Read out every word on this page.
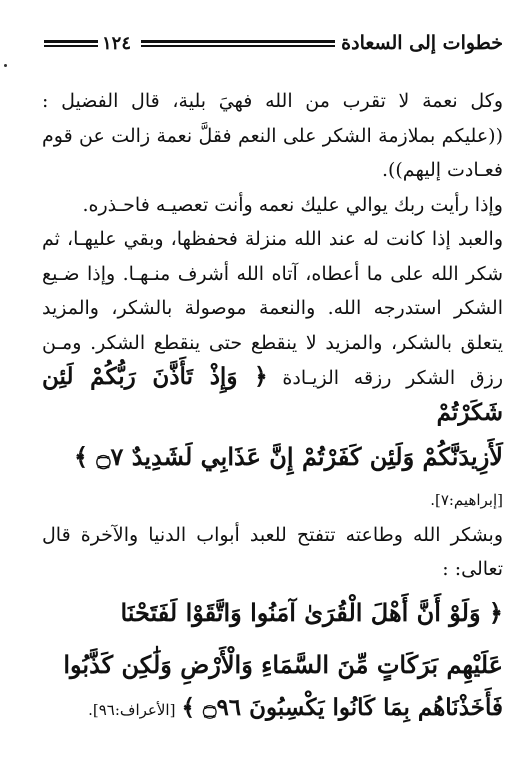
١٢٤	خطوات إلى السعادة

وكل نعمة لا تقرب من الله فهيَ بلية، قال الفضيل : ((عليكم بملازمة الشكر على النعم فقلَّ نعمة زالت عن قوم فعـادت إليهم)).

وإذا رأيت ربك يوالي عليك نعمه وأنت تعصيـه فاحـذره.

والعبد إذا كانت له عند الله منزلة فحفظها، وبقي عليهـا، ثم شكر الله على ما أعطاه، آتاه الله أشرف منـهـا. وإذا ضـيع الشكر استدرجه الله. والنعمة موصولة بالشكر، والمزيد يتعلق بالشكر، والمزيد لا ينقطع حتى ينقطع الشكر. ومـن رزق الشكر رزقه الزيـادة ﴿ وَإِذْ تَأَذَّنَ رَبُّكُمْ لَئِن شَكَرْتُمْ

لَأَزِيدَنَّكُمْ وَلَئِن كَفَرْتُمْ إِنَّ عَذَابِي لَشَدِيدٌ ۝٧ ﴾

[إبراهيم:٧].

وبشكر الله وطاعته تتفتح للعبد أبواب الدنيا والآخرة قال تعالى: :

﴿ وَلَوْ أَنَّ أَهْلَ الْقُرَىٰ آمَنُوا وَاتَّقَوْا لَفَتَحْنَا
عَلَيْهِم بَرَكَاتٍ مِّنَ السَّمَاءِ وَالْأَرْضِ وَلَٰكِن كَذَّبُوا

فَأَخَذْنَاهُم بِمَا كَانُوا يَكْسِبُونَ ۝٩٦ ﴾ [الأعراف:٩٦].
